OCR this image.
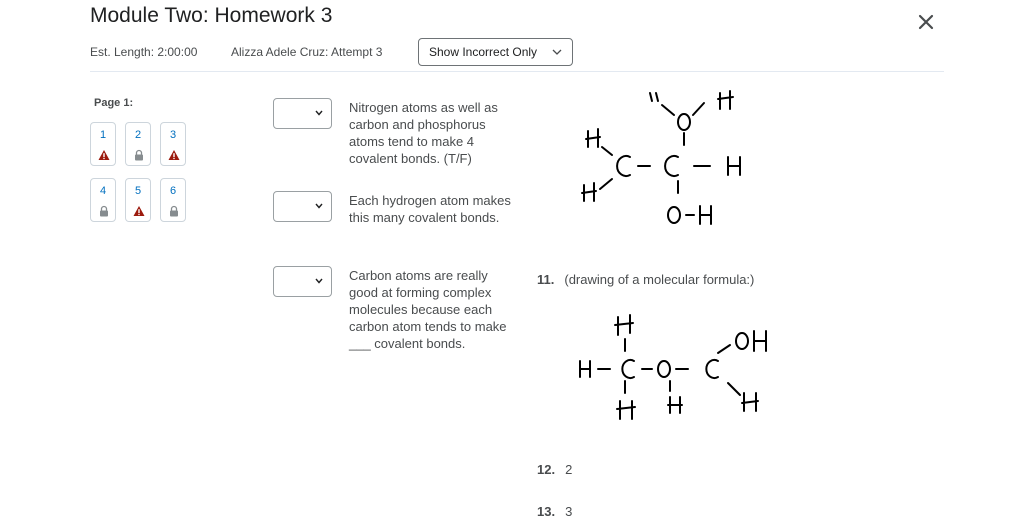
Module Two: Homework 3
Est. Length: 2:00:00	Alizza Adele Cruz: Attempt 3	Show Incorrect Only
Page 1:
1	2	3
4	5	6
Nitrogen atoms as well as carbon and phosphorus atoms tend to make 4 covalent bonds. (T/F)
Each hydrogen atom makes this many covalent bonds.
Carbon atoms are really good at forming complex molecules because each carbon atom tends to make ___ covalent bonds.
11. (drawing of a molecular formula:)
12. 2
13. 3
